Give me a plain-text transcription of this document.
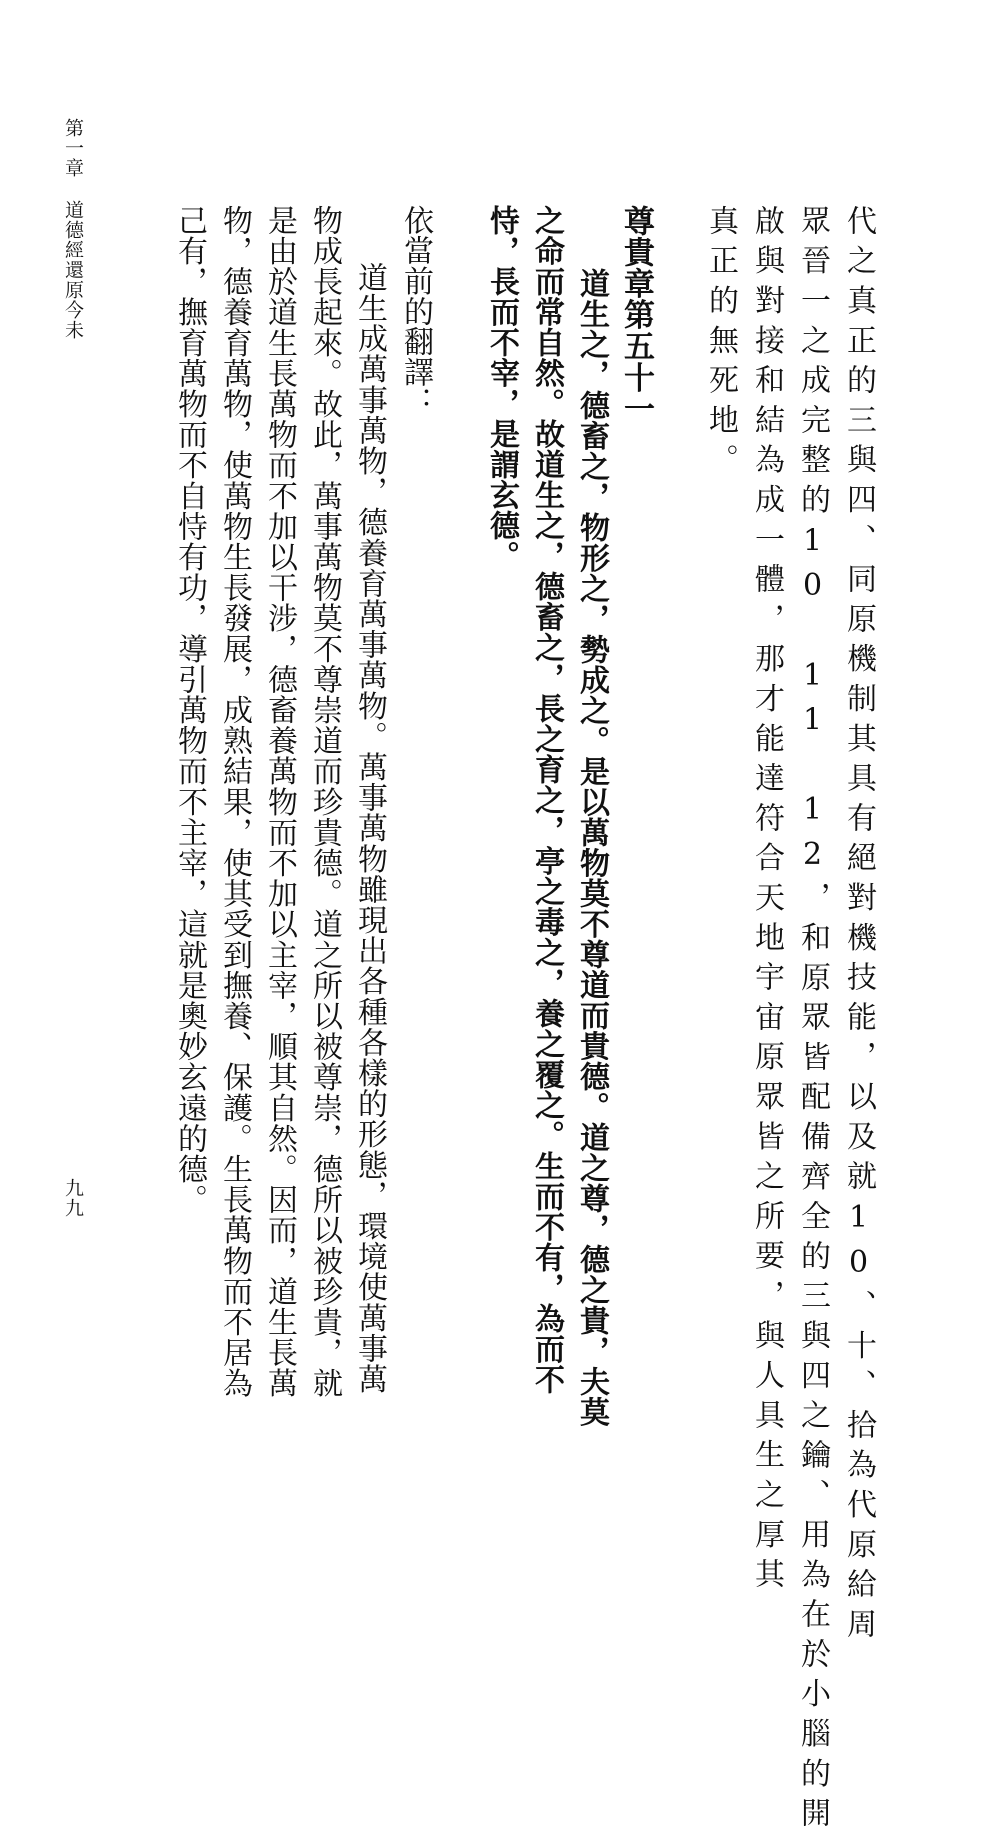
代之真正的三與四、同原機制其具有絕對機技能，以及就10、十、拾為代原給周
眾晉一之成完整的10 11 12，和原眾皆配備齊全的三與四之鑰、用為在於小腦的開
啟與對接和結為成一體，那才能達符合天地宇宙原眾皆之所要，與人具生之厚其
真正的無死地。
尊貴章第五十一
道生之，德畜之，物形之，勢成之。是以萬物莫不尊道而貴德。道之尊，德之貴，夫莫
之命而常自然。故道生之，德畜之，長之育之，亭之毒之，養之覆之。生而不有，為而不
恃，長而不宰，是謂玄德。
依當前的翻譯：
道生成萬事萬物，德養育萬事萬物。萬事萬物雖現出各種各樣的形態，環境使萬事萬
物成長起來。故此，萬事萬物莫不尊崇道而珍貴德。道之所以被尊崇，德所以被珍貴，就
是由於道生長萬物而不加以干涉，德畜養萬物而不加以主宰，順其自然。因而，道生長萬
物，德養育萬物，使萬物生長發展，成熟結果，使其受到撫養、保護。生長萬物而不居為
己有，撫育萬物而不自恃有功，導引萬物而不主宰，這就是奧妙玄遠的德。
第一章
道德經還原今未
九九
